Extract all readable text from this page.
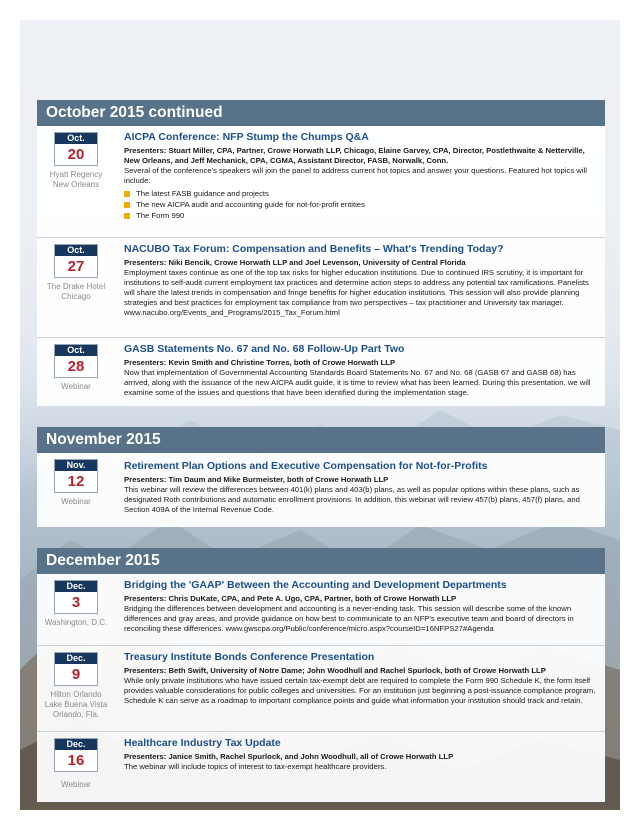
October 2015 continued
Oct.
20
Hyatt Regency New Orleans
AICPA Conference: NFP Stump the Chumps Q&A
Presenters: Stuart Miller, CPA, Partner, Crowe Horwath LLP, Chicago, Elaine Garvey, CPA, Director, Postlethwaite & Netterville, New Orleans, and Jeff Mechanick, CPA, CGMA, Assistant Director, FASB, Norwalk, Conn.
Several of the conference's speakers will join the panel to address current hot topics and answer your questions. Featured hot topics will include:
The latest FASB guidance and projects
The new AICPA audit and accounting guide for not-for-profit entities
The Form 990
Oct.
27
The Drake Hotel Chicago
NACUBO Tax Forum: Compensation and Benefits – What's Trending Today?
Presenters: Niki Bencik, Crowe Horwath LLP and Joel Levenson, University of Central Florida
Employment taxes continue as one of the top tax risks for higher education institutions. Due to continued IRS scrutiny, it is important for institutions to self-audit current employment tax practices and determine action steps to address any potential tax ramifications. Panelists will share the latest trends in compensation and fringe benefits for higher education institutions. This session will also provide planning strategies and best practices for employment tax compliance from two perspectives – tax practitioner and University tax manager. www.nacubo.org/Events_and_Programs/2015_Tax_Forum.html
Oct.
28
Webinar
GASB Statements No. 67 and No. 68 Follow-Up Part Two
Presenters: Kevin Smith and Christine Torres, both of Crowe Horwath LLP
Now that implementation of Governmental Accounting Standards Board Statements No. 67 and No. 68 (GASB 67 and GASB 68) has arrived, along with the issuance of the new AICPA audit guide, it is time to review what has been learned. During this presentation, we will examine some of the issues and questions that have been identified during the implementation stage.
November 2015
Nov.
12
Webinar
Retirement Plan Options and Executive Compensation for Not-for-Profits
Presenters: Tim Daum and Mike Burmeister, both of Crowe Horwath LLP
This webinar will review the differences between 401(k) plans and 403(b) plans, as well as popular options within these plans, such as designated Roth contributions and automatic enrollment provisions. In addition, this webinar will review 457(b) plans, 457(f) plans, and Section 409A of the Internal Revenue Code.
December 2015
Dec.
3
Washington, D.C.
Bridging the 'GAAP' Between the Accounting and Development Departments
Presenters: Chris DuKate, CPA, and Pete A. Ugo, CPA, Partner, both of Crowe Horwath LLP
Bridging the differences between development and accounting is a never-ending task. This session will describe some of the known differences and gray areas, and provide guidance on how best to communicate to an NFP's executive team and board of directors in reconciling these differences. www.gwscpa.org/Public/conference/micro.aspx?courseID=16NFPS27#Agenda
Dec.
9
Hilton Orlando Lake Buena Vista Orlando, Fla.
Treasury Institute Bonds Conference Presentation
Presenters: Beth Swift, University of Notre Dame; John Woodhull and Rachel Spurlock, both of Crowe Horwath LLP
While only private institutions who have issued certain tax-exempt debt are required to complete the Form 990 Schedule K, the form itself provides valuable considerations for public colleges and universities. For an institution just beginning a post-issuance compliance program, Schedule K can serve as a roadmap to important compliance points and guide what information your institution should track and retain.
Dec.
16
Webinar
Healthcare Industry Tax Update
Presenters: Janice Smith, Rachel Spurlock, and John Woodhull, all of Crowe Horwath LLP
The webinar will include topics of interest to tax-exempt healthcare providers.
